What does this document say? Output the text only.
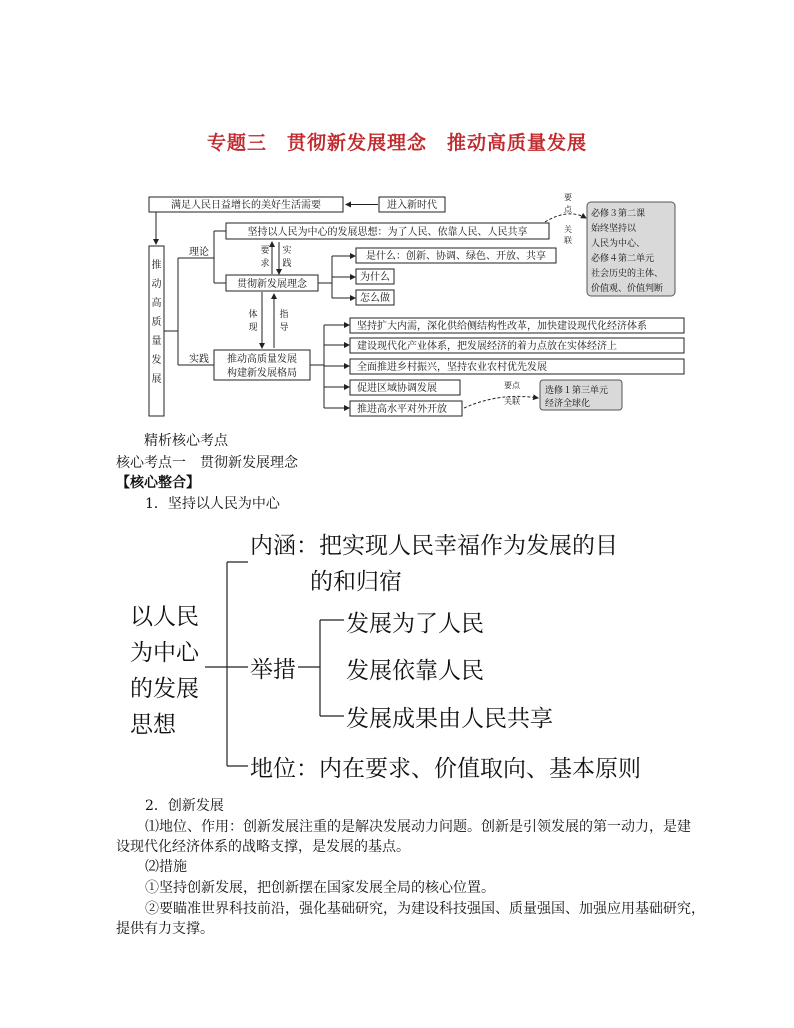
专题三　贯彻新发展理念　推动高质量发展
推
动
高
质
量
发
展
满足人民日益增长的美好生活需要	进入新时代
理论
实践
坚持以人民为中心的发展思想：为了人民、依靠人民、人民共享
要
求
实
践
贯彻新发展理念
是什么：创新、协调、绿色、开放、共享
为什么
怎么做
体
现
指
导
推动高质量发展
构建新发展格局
坚持扩大内需，深化供给侧结构性改革，加快建设现代化经济体系
建设现代化产业体系，把发展经济的着力点放在实体经济上
全面推进乡村振兴，坚持农业农村优先发展
促进区域协调发展
推进高水平对外开放
要
点
关
联
必修３第二课
始终坚持以
人民为中心、
必修４第二单元
社会历史的主体、
价值观、价值判断
要点
关联
选修１第三单元
经济全球化
精析核心考点
核心考点一　贯彻新发展理念
【核心整合】
1．坚持以人民为中心
以人民
为中心
的发展
思想
内涵：把实现人民幸福作为发展的目
的和归宿
举措
发展为了人民
发展依靠人民
发展成果由人民共享
地位：内在要求、价值取向、基本原则
2．创新发展
⑴地位、作用：创新发展注重的是解决发展动力问题。创新是引领发展的第一动力，是建
设现代化经济体系的战略支撑，是发展的基点。
⑵措施
①坚持创新发展，把创新摆在国家发展全局的核心位置。
②要瞄准世界科技前沿，强化基础研究，为建设科技强国、质量强国、加强应用基础研究，
提供有力支撑。
